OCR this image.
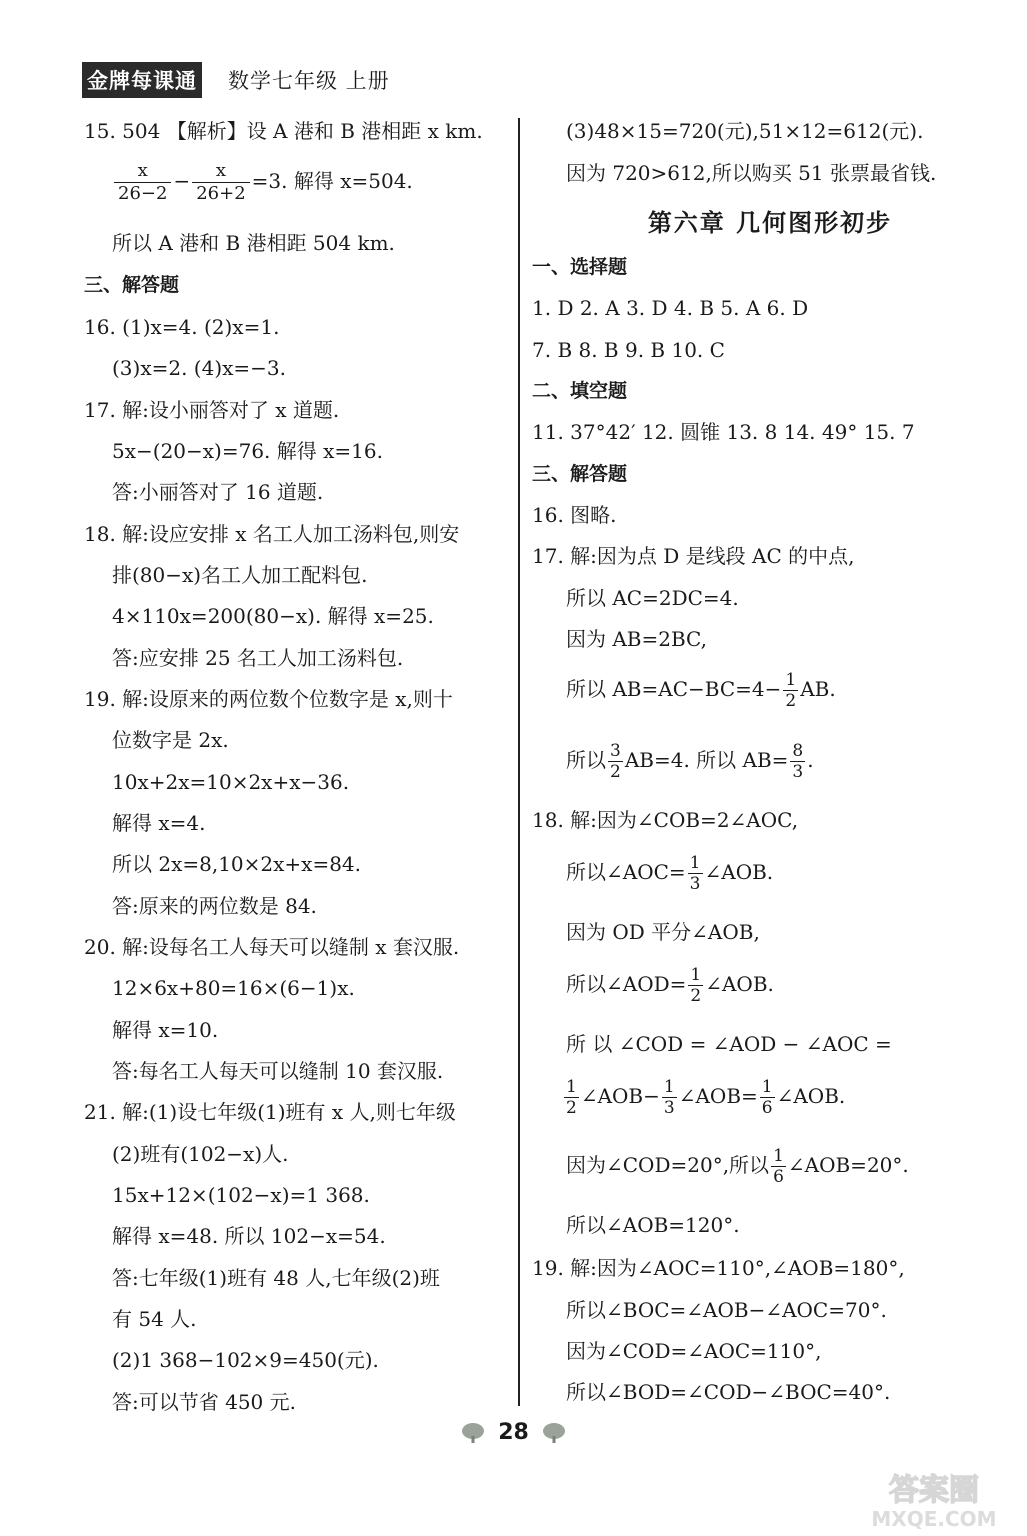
金牌每课通 数学七年级 上册
15. 504 【解析】设 A 港和 B 港相距 x km.
$\frac{x}{26-2} - \frac{x}{26+2} =3$. 解得 x=504.
所以 A 港和 B 港相距 504 km.
三、解答题
16. (1)x=4. (2)x=1.
(3)x=2. (4)x=−3.
17. 解:设小丽答对了 x 道题.
5x−(20−x)=76. 解得 x=16.
答:小丽答对了 16 道题.
18. 解:设应安排 x 名工人加工汤料包,则安
排(80−x)名工人加工配料包.
4×110x=200(80−x). 解得 x=25.
答:应安排 25 名工人加工汤料包.
19. 解:设原来的两位数个位数字是 x,则十
位数字是 2x.
10x+2x=10×2x+x−36.
解得 x=4.
所以 2x=8,10×2x+x=84.
答:原来的两位数是 84.
20. 解:设每名工人每天可以缝制 x 套汉服.
12×6x+80=16×(6−1)x.
解得 x=10.
答:每名工人每天可以缝制 10 套汉服.
21. 解:(1)设七年级(1)班有 x 人,则七年级
(2)班有(102−x)人.
15x+12×(102−x)=1 368.
解得 x=48. 所以 102−x=54.
答:七年级(1)班有 48 人,七年级(2)班
有 54 人.
(2)1 368−102×9=450(元).
答:可以节省 450 元.
(3)48×15=720(元),51×12=612(元).
因为 720>612,所以购买 51 张票最省钱.
第六章 几何图形初步
一、选择题
1. D 2. A 3. D 4. B 5. A 6. D
7. B 8. B 9. B 10. C
二、填空题
11. 37°42′ 12. 圆锥 13. 8 14. 49° 15. 7
三、解答题
16. 图略.
17. 解:因为点 D 是线段 AC 的中点,
所以 AC=2DC=4.
因为 AB=2BC,
所以 $AB=AC-BC=4- \frac{1}{2}$ AB.
所以 $\frac{3}{2} AB=4$. 所以 $AB= \frac{8}{3}$ .
18. 解:因为∠COB=2∠AOC,
所以∠AOC= $\frac{1}{3}$ ∠AOB.
因为 OD 平分∠AOB,
所以∠AOD= $\frac{1}{2}$ ∠AOB.
所 以 ∠COD = ∠AOD − ∠AOC =
$\frac{1}{2}$ ∠AOB− $\frac{1}{3}$ ∠AOB= $\frac{1}{6}$ ∠AOB.
因为∠COD=20°,所以 $\frac{1}{6}$ ∠AOB=20°.
所以∠AOB=120°.
19. 解:因为∠AOC=110°,∠AOB=180°,
所以∠BOC=∠AOB−∠AOC=70°.
因为∠COD=∠AOC=110°,
所以∠BOD=∠COD−∠BOC=40°.
28
答案圈
MXQE.COM
